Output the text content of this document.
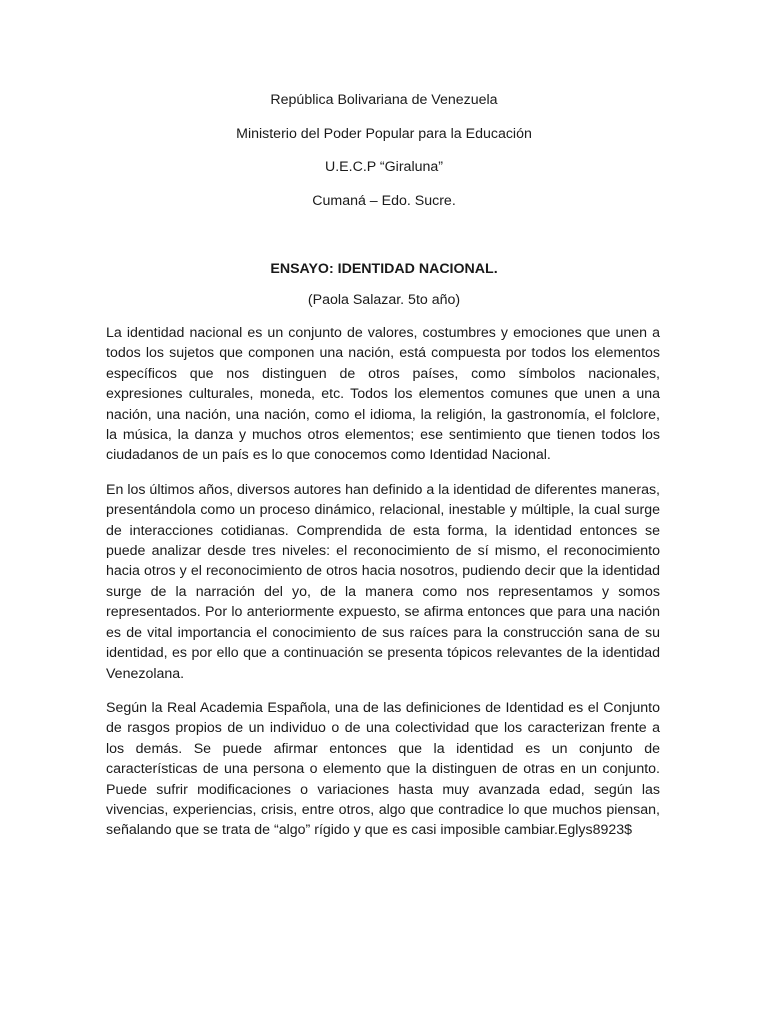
República Bolivariana de Venezuela
Ministerio del Poder Popular para la Educación
U.E.C.P “Giraluna”
Cumaná – Edo. Sucre.
ENSAYO: IDENTIDAD NACIONAL.
(Paola Salazar. 5to año)

La identidad nacional es un conjunto de valores, costumbres y emociones que unen a todos los sujetos que componen una nación, está compuesta por todos los elementos específicos que nos distinguen de otros países, como símbolos nacionales, expresiones culturales, moneda, etc. Todos los elementos comunes que unen a una nación, una nación, una nación, como el idioma, la religión, la gastronomía, el folclore, la música, la danza y muchos otros elementos; ese sentimiento que tienen todos los ciudadanos de un país es lo que conocemos como Identidad Nacional.

En los últimos años, diversos autores han definido a la identidad de diferentes maneras, presentándola como un proceso dinámico, relacional, inestable y múltiple, la cual surge de interacciones cotidianas. Comprendida de esta forma, la identidad entonces se puede analizar desde tres niveles: el reconocimiento de sí mismo, el reconocimiento hacia otros y el reconocimiento de otros hacia nosotros, pudiendo decir que la identidad surge de la narración del yo, de la manera como nos representamos y somos representados. Por lo anteriormente expuesto, se afirma entonces que para una nación es de vital importancia el conocimiento de sus raíces para la construcción sana de su identidad, es por ello que a continuación se presenta tópicos relevantes de la identidad Venezolana.

Según la Real Academia Española, una de las definiciones de Identidad es el Conjunto de rasgos propios de un individuo o de una colectividad que los caracterizan frente a los demás. Se puede afirmar entonces que la identidad es un conjunto de características de una persona o elemento que la distinguen de otras en un conjunto. Puede sufrir modificaciones o variaciones hasta muy avanzada edad, según las vivencias, experiencias, crisis, entre otros, algo que contradice lo que muchos piensan, señalando que se trata de “algo” rígido y que es casi imposible cambiar.Eglys8923$
